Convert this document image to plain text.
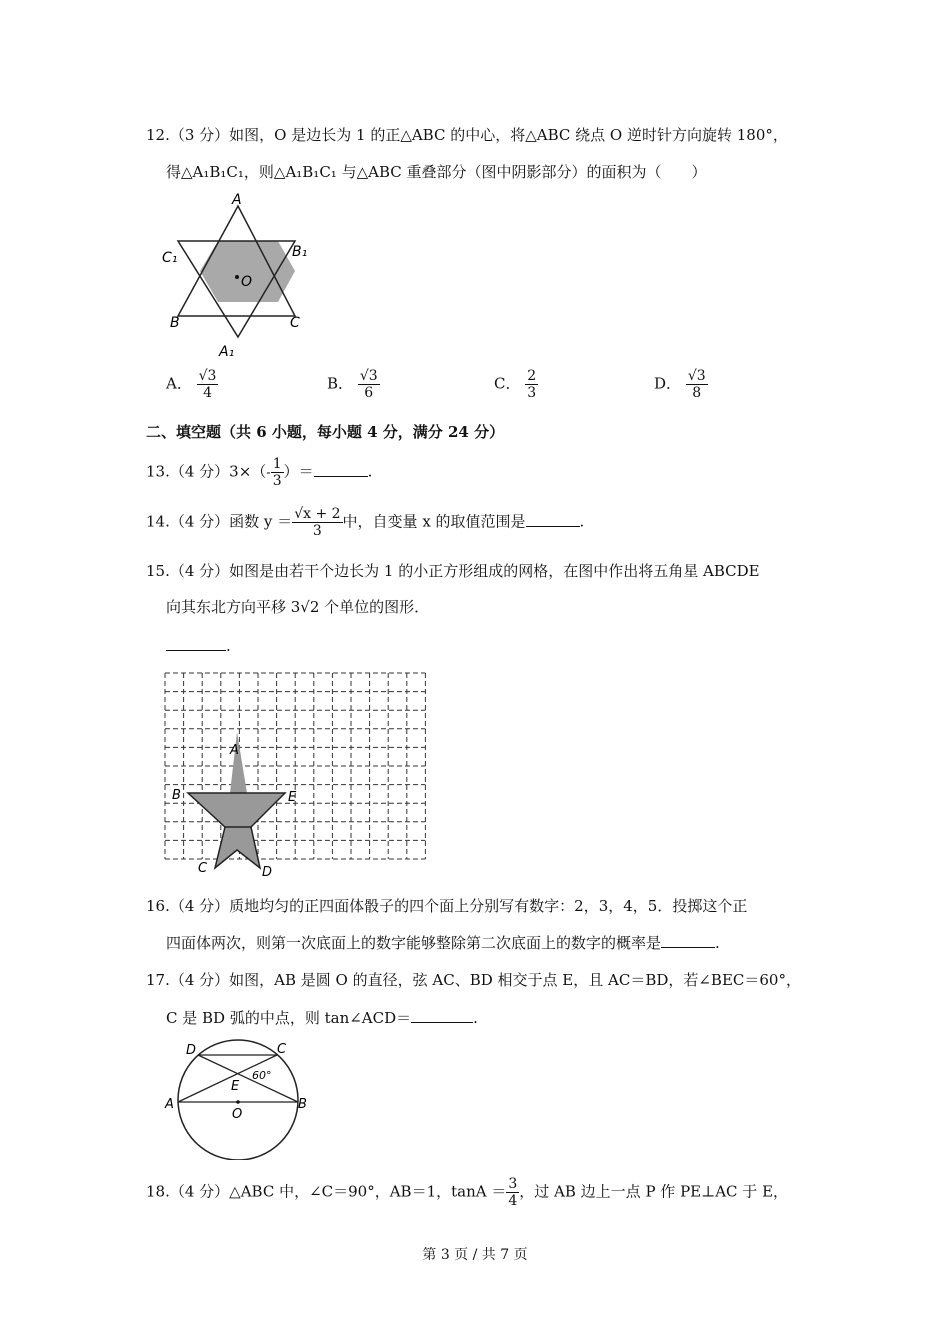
12.（3 分）如图，O 是边长为 1 的正△ABC 的中心，将△ABC 绕点 O 逆时针方向旋转 180°，
得△A₁B₁C₁，则△A₁B₁C₁ 与△ABC 重叠部分（图中阴影部分）的面积为（　　）
A
B₁
C₁
O
B	C
A₁
A． $\frac{√3}{4}$	B． $\frac{√3}{6}$	C． $\frac{2}{3}$	D． $\frac{√3}{8}$
二、填空题（共 6 小题，每小题 4 分，满分 24 分）
13.（4 分）$3\times(- \frac{1}{3}$ ）＝	.
14.（4 分）函数 $y = \frac{√x + 2}{3}$ 中，自变量 x 的取值范围是	.
15.（4 分）如图是由若干个边长为 1 的小正方形组成的网格，在图中作出将五角星 ABCDE
向其东北方向平移 3√2 个单位的图形．
.
A
B
C	D
E
16.（4 分）质地均匀的正四面体骰子的四个面上分别写有数字：2，3，4，5．投掷这个正
四面体两次，则第一次底面上的数字能够整除第二次底面上的数字的概率是	.
17.（4 分）如图，AB 是圆 O 的直径，弦 AC、BD 相交于点 E，且 AC＝BD，若∠BEC＝60°，
C 是 BD 弧的中点，则 tan∠ACD＝	.
D	C
E
60°
A
O
B
18.（4 分）△ABC 中，∠C＝90°，AB＝1，$\tan A = \frac{3}{4}$ ，过 AB 边上一点 P 作 PE⊥AC 于 E，
第 3 页 / 共 7 页
